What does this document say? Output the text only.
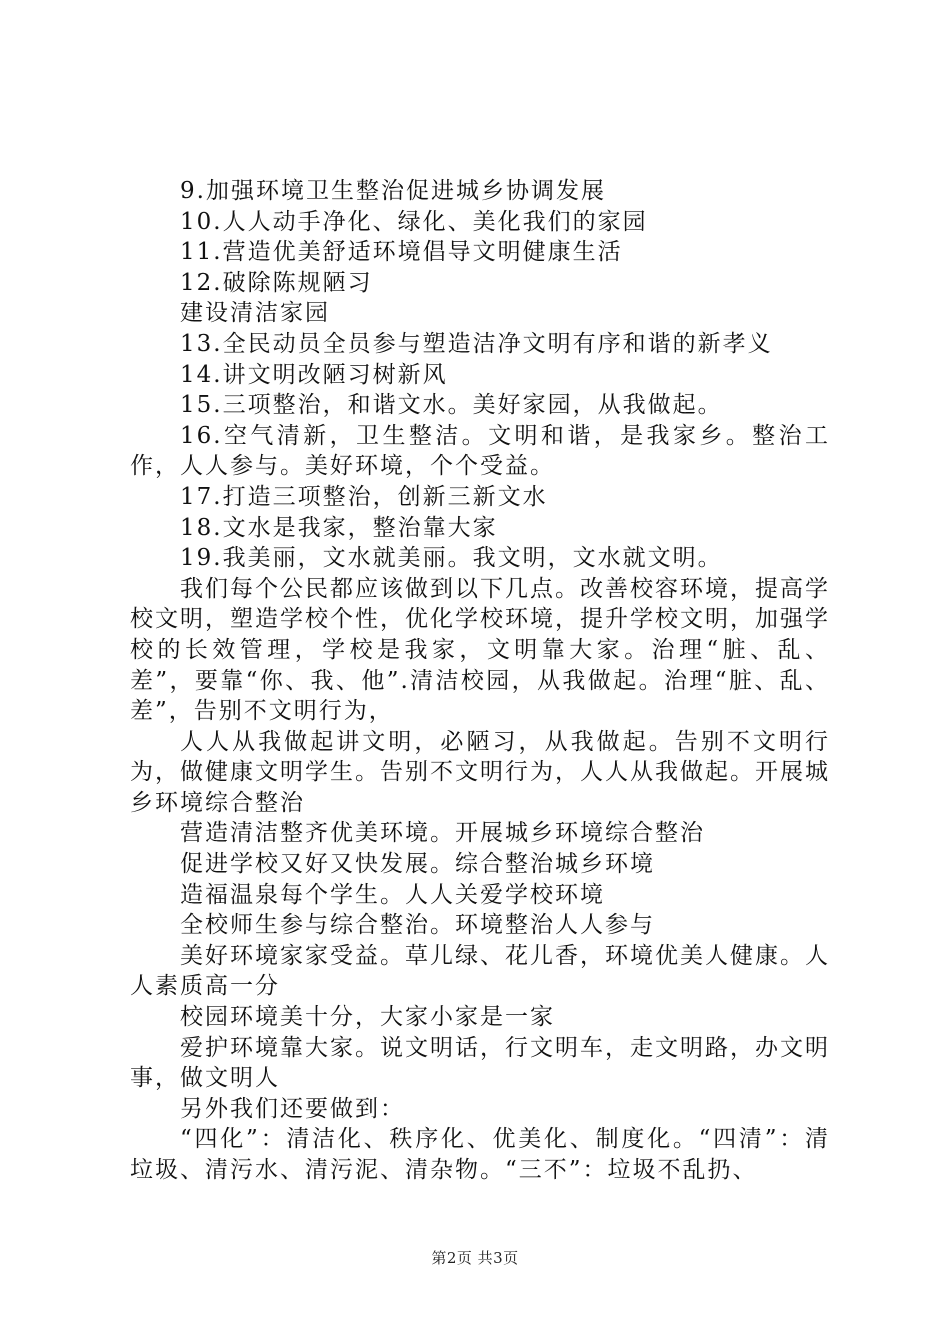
9.加强环境卫生整治促进城乡协调发展

10.人人动手净化、绿化、美化我们的家园

11.营造优美舒适环境倡导文明健康生活

12.破除陈规陋习

建设清洁家园

13.全民动员全员参与塑造洁净文明有序和谐的新孝义

14.讲文明改陋习树新风

15.三项整治，和谐文水。美好家园，从我做起。

16.空气清新，卫生整洁。文明和谐，是我家乡。整治工作，人人参与。美好环境，个个受益。

17.打造三项整治，创新三新文水

18.文水是我家，整治靠大家

19.我美丽，文水就美丽。我文明，文水就文明。

我们每个公民都应该做到以下几点。改善校容环境，提高学校文明，塑造学校个性，优化学校环境，提升学校文明，加强学校的长效管理，学校是我家，文明靠大家。治理“脏、乱、差”，要靠“你、我、他”.清洁校园，从我做起。治理“脏、乱、差”，告别不文明行为，

人人从我做起讲文明，必陋习，从我做起。告别不文明行为，做健康文明学生。告别不文明行为，人人从我做起。开展城乡环境综合整治

营造清洁整齐优美环境。开展城乡环境综合整治

促进学校又好又快发展。综合整治城乡环境

造福温泉每个学生。人人关爱学校环境

全校师生参与综合整治。环境整治人人参与

美好环境家家受益。草儿绿、花儿香，环境优美人健康。人人素质高一分

校园环境美十分，大家小家是一家

爱护环境靠大家。说文明话，行文明车，走文明路，办文明事，做文明人

另外我们还要做到：

“四化”：清洁化、秩序化、优美化、制度化。“四清”：清垃圾、清污水、清污泥、清杂物。“三不”：垃圾不乱扔、

第2页 共3页
